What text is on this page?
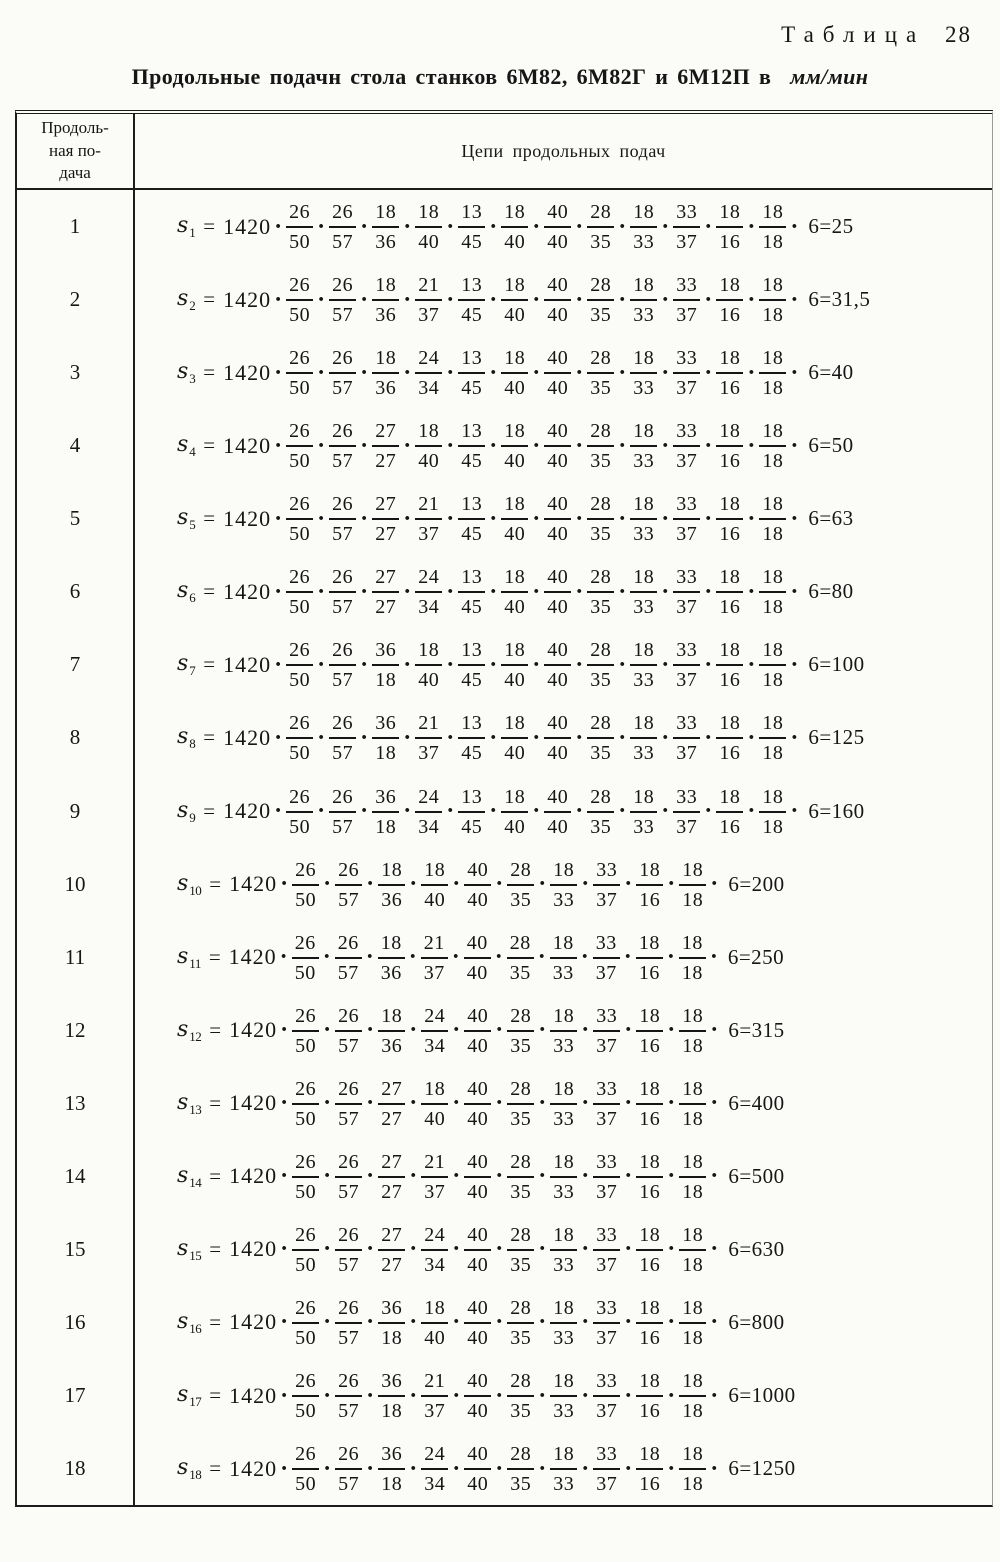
Таблица 28
Продольные подачн стола станков 6М82, 6М82Г и 6М12П в мм/мин
Продоль-
ная по-
дача
Цепи продольных подач
1	$s_1 = 1420 \cdot \frac{26}{50} \cdot \frac{26}{57} \cdot \frac{18}{36} \cdot \frac{18}{40} \cdot \frac{13}{45} \cdot \frac{18}{40} \cdot \frac{40}{40} \cdot \frac{28}{35} \cdot \frac{18}{33} \cdot \frac{33}{37} \cdot \frac{18}{16} \cdot \frac{18}{18} \cdot 6=25$
2	$s_2 = 1420 \cdot \frac{26}{50} \cdot \frac{26}{57} \cdot \frac{18}{36} \cdot \frac{21}{37} \cdot \frac{13}{45} \cdot \frac{18}{40} \cdot \frac{40}{40} \cdot \frac{28}{35} \cdot \frac{18}{33} \cdot \frac{33}{37} \cdot \frac{18}{16} \cdot \frac{18}{18} \cdot 6=31,5$
3	$s_3 = 1420 \cdot \frac{26}{50} \cdot \frac{26}{57} \cdot \frac{18}{36} \cdot \frac{24}{34} \cdot \frac{13}{45} \cdot \frac{18}{40} \cdot \frac{40}{40} \cdot \frac{28}{35} \cdot \frac{18}{33} \cdot \frac{33}{37} \cdot \frac{18}{16} \cdot \frac{18}{18} \cdot 6=40$
4	$s_4 = 1420 \cdot \frac{26}{50} \cdot \frac{26}{57} \cdot \frac{27}{27} \cdot \frac{18}{40} \cdot \frac{13}{45} \cdot \frac{18}{40} \cdot \frac{40}{40} \cdot \frac{28}{35} \cdot \frac{18}{33} \cdot \frac{33}{37} \cdot \frac{18}{16} \cdot \frac{18}{18} \cdot 6=50$
5	$s_5 = 1420 \cdot \frac{26}{50} \cdot \frac{26}{57} \cdot \frac{27}{27} \cdot \frac{21}{37} \cdot \frac{13}{45} \cdot \frac{18}{40} \cdot \frac{40}{40} \cdot \frac{28}{35} \cdot \frac{18}{33} \cdot \frac{33}{37} \cdot \frac{18}{16} \cdot \frac{18}{18} \cdot 6=63$
6	$s_6 = 1420 \cdot \frac{26}{50} \cdot \frac{26}{57} \cdot \frac{27}{27} \cdot \frac{24}{34} \cdot \frac{13}{45} \cdot \frac{18}{40} \cdot \frac{40}{40} \cdot \frac{28}{35} \cdot \frac{18}{33} \cdot \frac{33}{37} \cdot \frac{18}{16} \cdot \frac{18}{18} \cdot 6=80$
7	$s_7 = 1420 \cdot \frac{26}{50} \cdot \frac{26}{57} \cdot \frac{36}{18} \cdot \frac{18}{40} \cdot \frac{13}{45} \cdot \frac{18}{40} \cdot \frac{40}{40} \cdot \frac{28}{35} \cdot \frac{18}{33} \cdot \frac{33}{37} \cdot \frac{18}{16} \cdot \frac{18}{18} \cdot 6=100$
8	$s_8 = 1420 \cdot \frac{26}{50} \cdot \frac{26}{57} \cdot \frac{36}{18} \cdot \frac{21}{37} \cdot \frac{13}{45} \cdot \frac{18}{40} \cdot \frac{40}{40} \cdot \frac{28}{35} \cdot \frac{18}{33} \cdot \frac{33}{37} \cdot \frac{18}{16} \cdot \frac{18}{18} \cdot 6=125$
9	$s_9 = 1420 \cdot \frac{26}{50} \cdot \frac{26}{57} \cdot \frac{36}{18} \cdot \frac{24}{34} \cdot \frac{13}{45} \cdot \frac{18}{40} \cdot \frac{40}{40} \cdot \frac{28}{35} \cdot \frac{18}{33} \cdot \frac{33}{37} \cdot \frac{18}{16} \cdot \frac{18}{18} \cdot 6=160$
10	$s_{10} = 1420 \cdot \frac{26}{50} \cdot \frac{26}{57} \cdot \frac{18}{36} \cdot \frac{18}{40} \cdot \frac{40}{40} \cdot \frac{28}{35} \cdot \frac{18}{33} \cdot \frac{33}{37} \cdot \frac{18}{16} \cdot \frac{18}{18} \cdot 6=200$
11	$s_{11} = 1420 \cdot \frac{26}{50} \cdot \frac{26}{57} \cdot \frac{18}{36} \cdot \frac{21}{37} \cdot \frac{40}{40} \cdot \frac{28}{35} \cdot \frac{18}{33} \cdot \frac{33}{37} \cdot \frac{18}{16} \cdot \frac{18}{18} \cdot 6=250$
12	$s_{12} = 1420 \cdot \frac{26}{50} \cdot \frac{26}{57} \cdot \frac{18}{36} \cdot \frac{24}{34} \cdot \frac{40}{40} \cdot \frac{28}{35} \cdot \frac{18}{33} \cdot \frac{33}{37} \cdot \frac{18}{16} \cdot \frac{18}{18} \cdot 6=315$
13	$s_{13} = 1420 \cdot \frac{26}{50} \cdot \frac{26}{57} \cdot \frac{27}{27} \cdot \frac{18}{40} \cdot \frac{40}{40} \cdot \frac{28}{35} \cdot \frac{18}{33} \cdot \frac{33}{37} \cdot \frac{18}{16} \cdot \frac{18}{18} \cdot 6=400$
14	$s_{14} = 1420 \cdot \frac{26}{50} \cdot \frac{26}{57} \cdot \frac{27}{27} \cdot \frac{21}{37} \cdot \frac{40}{40} \cdot \frac{28}{35} \cdot \frac{18}{33} \cdot \frac{33}{37} \cdot \frac{18}{16} \cdot \frac{18}{18} \cdot 6=500$
15	$s_{15} = 1420 \cdot \frac{26}{50} \cdot \frac{26}{57} \cdot \frac{27}{27} \cdot \frac{24}{34} \cdot \frac{40}{40} \cdot \frac{28}{35} \cdot \frac{18}{33} \cdot \frac{33}{37} \cdot \frac{18}{16} \cdot \frac{18}{18} \cdot 6=630$
16	$s_{16} = 1420 \cdot \frac{26}{50} \cdot \frac{26}{57} \cdot \frac{36}{18} \cdot \frac{18}{40} \cdot \frac{40}{40} \cdot \frac{28}{35} \cdot \frac{18}{33} \cdot \frac{33}{37} \cdot \frac{18}{16} \cdot \frac{18}{18} \cdot 6=800$
17	$s_{17} = 1420 \cdot \frac{26}{50} \cdot \frac{26}{57} \cdot \frac{36}{18} \cdot \frac{21}{37} \cdot \frac{40}{40} \cdot \frac{28}{35} \cdot \frac{18}{33} \cdot \frac{33}{37} \cdot \frac{18}{16} \cdot \frac{18}{18} \cdot 6=1000$
18	$s_{18} = 1420 \cdot \frac{26}{50} \cdot \frac{26}{57} \cdot \frac{36}{18} \cdot \frac{24}{34} \cdot \frac{40}{40} \cdot \frac{28}{35} \cdot \frac{18}{33} \cdot \frac{33}{37} \cdot \frac{18}{16} \cdot \frac{18}{18} \cdot 6=1250$
